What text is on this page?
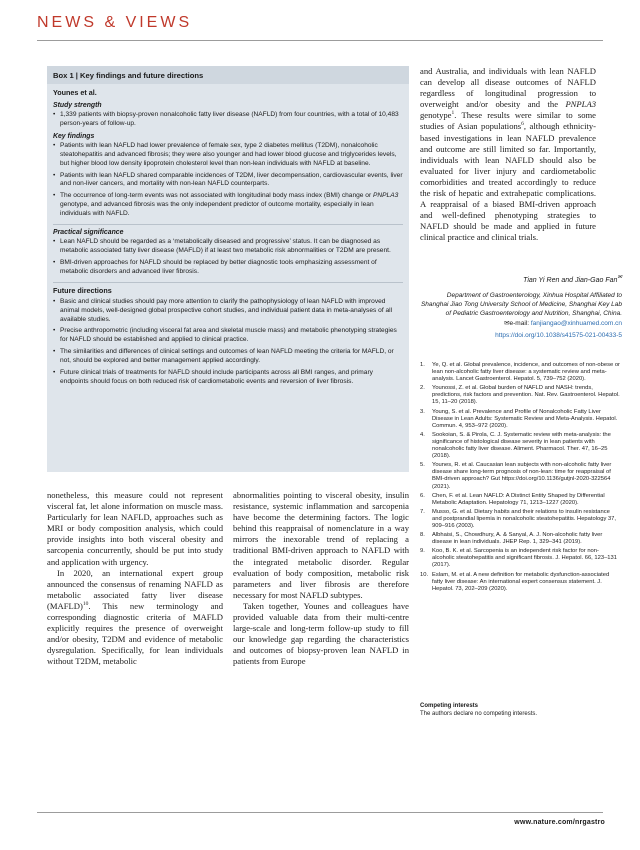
NEWS & VIEWS
Box 1 | Key findings and future directions
Younes et al.
Study strength
• 1,339 patients with biopsy-proven nonalcoholic fatty liver disease (NAFLD) from four countries, with a total of 10,483 person-years of follow-up.
Key findings
• Patients with lean NAFLD had lower prevalence of female sex, type 2 diabetes mellitus (T2DM), nonalcoholic steatohepatitis and advanced fibrosis; they were also younger and had lower blood glucose and triglycerides levels, but higher blood low density lipoprotein cholesterol level than non-lean individuals with NAFLD at baseline.
• Patients with lean NAFLD shared comparable incidences of T2DM, liver decompensation, cardiovascular events, liver and non-liver cancers, and mortality with non-lean NAFLD counterparts.
• The occurrence of long-term events was not associated with longitudinal body mass index (BMI) change or PNPLA3 genotype, and advanced fibrosis was the only independent predictor of outcome mortality, especially in lean individuals with NAFLD.
Practical significance
• Lean NAFLD should be regarded as a ‘metabolically diseased and progressive’ status. It can be diagnosed as metabolic associated fatty liver disease (MAFLD) if at least two metabolic risk abnormalities or T2DM are present.
• BMI-driven approaches for NAFLD should be replaced by better diagnostic tools emphasizing assessment of metabolic disorders and advanced liver fibrosis.
Future directions
• Basic and clinical studies should pay more attention to clarify the pathophysiology of lean NAFLD with improved animal models, well-designed global prospective cohort studies, and individual patient data in meta-analyses of all available studies.
• Precise anthropometric (including visceral fat area and skeletal muscle mass) and metabolic phenotyping strategies for NAFLD should be established and applied to clinical practice.
• The similarities and differences of clinical settings and outcomes of lean NAFLD meeting the criteria for MAFLD, or not, should be explored and better management applied accordingly.
• Future clinical trials of treatments for NAFLD should include participants across all BMI ranges, and primary endpoints should focus on both reduced risk of cardiometabolic events and reversion of liver fibrosis.

nonetheless, this measure could not represent visceral fat, let alone information on muscle mass. Particularly for lean NAFLD, approaches such as MRI or body composition analysis, which could provide insights into both visceral obesity and sarcopenia concurrently, should be put into study and application with urgency.

In 2020, an international expert group announced the consensus of renaming NAFLD as metabolic associated fatty liver disease (MAFLD)$^{10}$. This new terminology and corresponding diagnostic criteria of MAFLD explicitly requires the presence of overweight and/or obesity, T2DM and evidence of metabolic dysregulation. Specifically, for lean individuals without T2DM, metabolic

abnormalities pointing to visceral obesity, insulin resistance, systemic inflammation and sarcopenia have become the determining factors. The logic behind this reappraisal of nomenclature in a way mirrors the inexorable trend of replacing a traditional BMI-driven approach to NAFLD with the integrated metabolic disorder. Regular evaluation of body composition, metabolic risk parameters and liver fibrosis are therefore necessary for most NAFLD subtypes.

Taken together, Younes and colleagues have provided valuable data from their multi-centre large-scale and long-term follow-up study to fill our knowledge gap regarding the characteristics and outcomes of biopsy-proven lean NAFLD in patients from Europe

and Australia, and individuals with lean NAFLD can develop all disease outcomes of NAFLD regardless of longitudinal progression to overweight and/or obesity and the PNPLA3 genotype$^1$. These results were similar to some studies of Asian populations$^6$, although ethnicity-based investigations in lean NAFLD prevalence and outcome are still limited so far. Importantly, individuals with lean NAFLD should also be evaluated for liver injury and cardiometabolic comorbidities and treated accordingly to reduce the risk of hepatic and extrahepatic complications. A reappraisal of a biased BMI-driven approach and well-defined phenotyping strategies to NAFLD should be made and applied in future clinical practice and clinical trials.

Tian Yi Ren and Jian-Gao Fan✉
Department of Gastroenterology, Xinhua Hospital Affiliated to Shanghai Jiao Tong University School of Medicine, Shanghai Key Lab of Pediatric Gastroenterology and Nutrition, Shanghai, China.
✉e-mail: fanjiangao@xinhuamed.com.cn
https://doi.org/10.1038/s41575-021-00433-5
1.	Ye, Q. et al. Global prevalence, incidence, and outcomes of non-obese or lean non-alcoholic fatty liver disease: a systematic review and meta-analysis. Lancet Gastroenterol. Hepatol. 5, 739–752 (2020).
2.	Younossi, Z. et al. Global burden of NAFLD and NASH: trends, predictions, risk factors and prevention. Nat. Rev. Gastroenterol. Hepatol. 15, 11–20 (2018).
3.	Young, S. et al. Prevalence and Profile of Nonalcoholic Fatty Liver Disease in Lean Adults: Systematic Review and Meta-Analysis. Hepatol. Commun. 4, 953–972 (2020).
4.	Sookoian, S. & Pirola, C. J. Systematic review with meta-analysis: the significance of histological disease severity in lean patients with nonalcoholic fatty liver disease. Aliment. Pharmacol. Ther. 47, 16–25 (2018).
5.	Younes, R. et al. Caucasian lean subjects with non-alcoholic fatty liver disease share long-term prognosis of non-lean: time for reappraisal of BMI-driven approach? Gut https://doi.org/10.1136/gutjnl-2020-322564 (2021).
6.	Chen, F. et al. Lean NAFLD: A Distinct Entity Shaped by Differential Metabolic Adaptation. Hepatology 71, 1213–1227 (2020).
7.	Musso, G. et al. Dietary habits and their relations to insulin resistance and postprandial lipemia in nonalcoholic steatohepatitis. Hepatology 37, 909–916 (2003).
8.	Albhaisi, S., Chowdhury, A. & Sanyal, A. J. Non-alcoholic fatty liver disease in lean individuals. JHEP Rep. 1, 329–341 (2019).
9.	Koo, B. K. et al. Sarcopenia is an independent risk factor for non-alcoholic steatohepatitis and significant fibrosis. J. Hepatol. 66, 123–131 (2017).
10. Eslam, M. et al. A new definition for metabolic dysfunction-associated fatty liver disease: An international expert consensus statement. J. Hepatol. 73, 202–209 (2020).
Competing interests
The authors declare no competing interests.
www.nature.com/nrgastro
